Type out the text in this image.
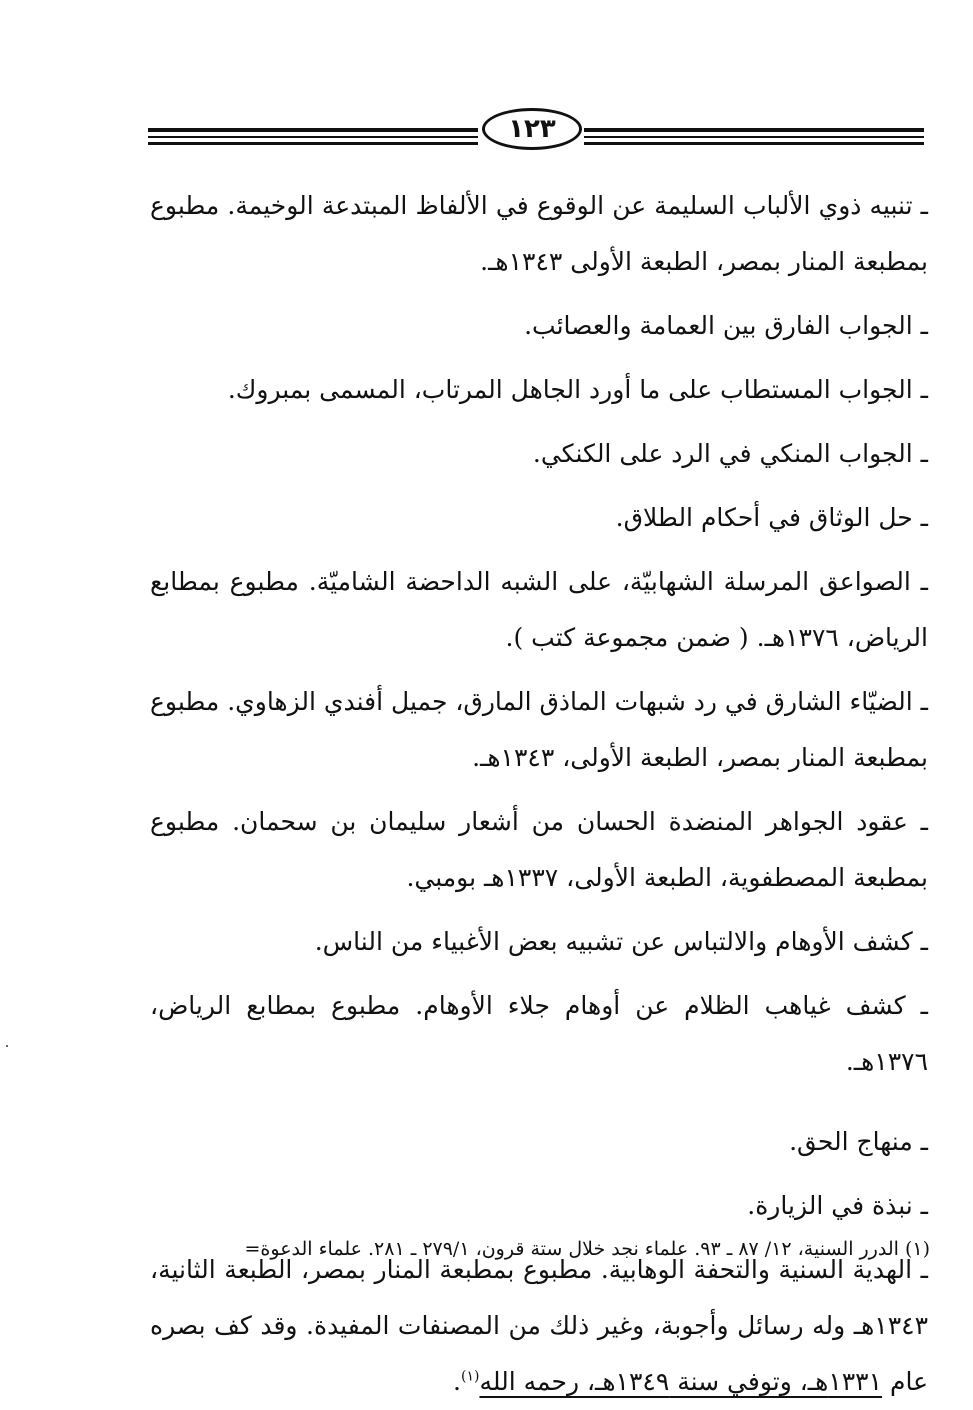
١٢٣

ـ تنبيه ذوي الألباب السليمة عن الوقوع في الألفاظ المبتدعة الوخيمة. مطبوع بمطبعة المنار بمصر، الطبعة الأولى ١٣٤٣هـ.

ـ الجواب الفارق بين العمامة والعصائب.

ـ الجواب المستطاب على ما أورد الجاهل المرتاب، المسمى بمبروك.

ـ الجواب المنكي في الرد على الكنكي.

ـ حل الوثاق في أحكام الطلاق.

ـ الصواعق المرسلة الشهابيّة، على الشبه الداحضة الشاميّة. مطبوع بمطابع الرياض، ١٣٧٦هـ. ( ضمن مجموعة كتب ).

ـ الضيّاء الشارق في رد شبهات الماذق المارق، جميل أفندي الزهاوي. مطبوع بمطبعة المنار بمصر، الطبعة الأولى، ١٣٤٣هـ.

ـ عقود الجواهر المنضدة الحسان من أشعار سليمان بن سحمان. مطبوع بمطبعة المصطفوية، الطبعة الأولى، ١٣٣٧هـ بومبي.

ـ كشف الأوهام والالتباس عن تشبيه بعض الأغبياء من الناس.

ـ كشف غياهب الظلام عن أوهام جلاء الأوهام. مطبوع بمطابع الرياض، ١٣٧٦هـ.

ـ منهاج الحق.

ـ نبذة في الزيارة.

ـ الهدية السنية والتحفة الوهابية. مطبوع بمطبعة المنار بمصر، الطبعة الثانية، ١٣٤٣هـ وله رسائل وأجوبة، وغير ذلك من المصنفات المفيدة. وقد كف بصره عام ١٣٣١هـ، وتوفي سنة ١٣٤٩هـ، رحمه الله$^{(١)}$.

(١) الدرر السنية، ١٢/ ٨٧ ـ ٩٣. علماء نجد خلال ستة قرون، ٢٧٩/١ ـ ٢٨١. علماء الدعوة=
